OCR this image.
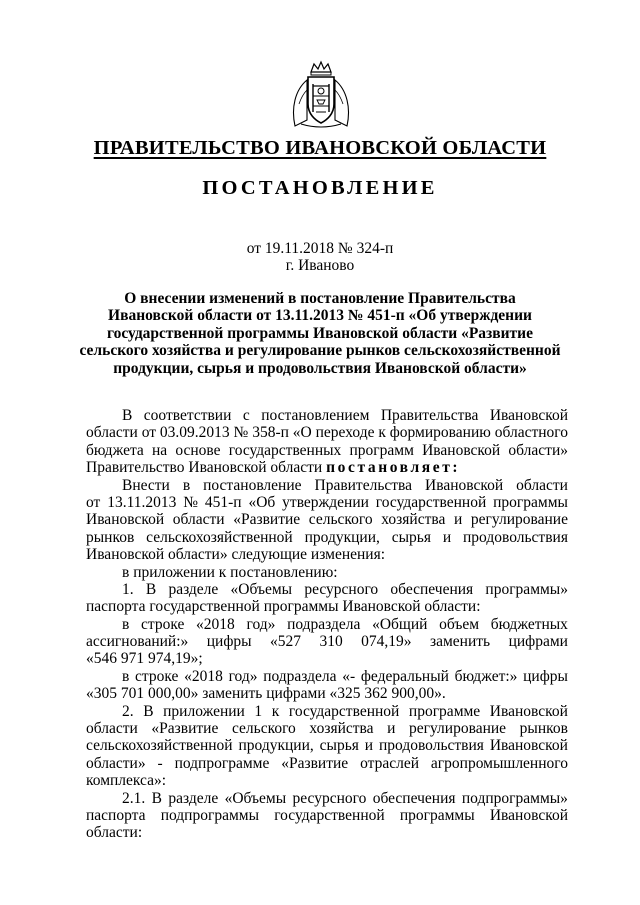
ПРАВИТЕЛЬСТВО ИВАНОВСКОЙ ОБЛАСТИ
ПОСТАНОВЛЕНИЕ
от 19.11.2018 № 324-п
г. Иваново
О внесении изменений в постановление Правительства
Ивановской области от 13.11.2013 № 451-п «Об утверждении
государственной программы Ивановской области «Развитие
сельского хозяйства и регулирование рынков сельскохозяйственной
продукции, сырья и продовольствия Ивановской области»
В соответствии с постановлением Правительства Ивановской
области от 03.09.2013 № 358-п «О переходе к формированию областного
бюджета на основе государственных программ Ивановской области»
Правительство Ивановской области постановляет:
Внести в постановление Правительства Ивановской области
от 13.11.2013 № 451-п «Об утверждении государственной программы
Ивановской области «Развитие сельского хозяйства и регулирование
рынков сельскохозяйственной продукции, сырья и продовольствия
Ивановской области» следующие изменения:
в приложении к постановлению:
1. В разделе «Объемы ресурсного обеспечения программы»
паспорта государственной программы Ивановской области:
в строке «2018 год» подраздела «Общий объем бюджетных
ассигнований:» цифры «527 310 074,19» заменить цифрами
«546 971 974,19»;
в строке «2018 год» подраздела «- федеральный бюджет:» цифры
«305 701 000,00» заменить цифрами «325 362 900,00».
2. В приложении 1 к государственной программе Ивановской
области «Развитие сельского хозяйства и регулирование рынков
сельскохозяйственной продукции, сырья и продовольствия Ивановской
области» - подпрограмме «Развитие отраслей агропромышленного
комплекса»:
2.1. В разделе «Объемы ресурсного обеспечения подпрограммы»
паспорта подпрограммы государственной программы Ивановской
области:
